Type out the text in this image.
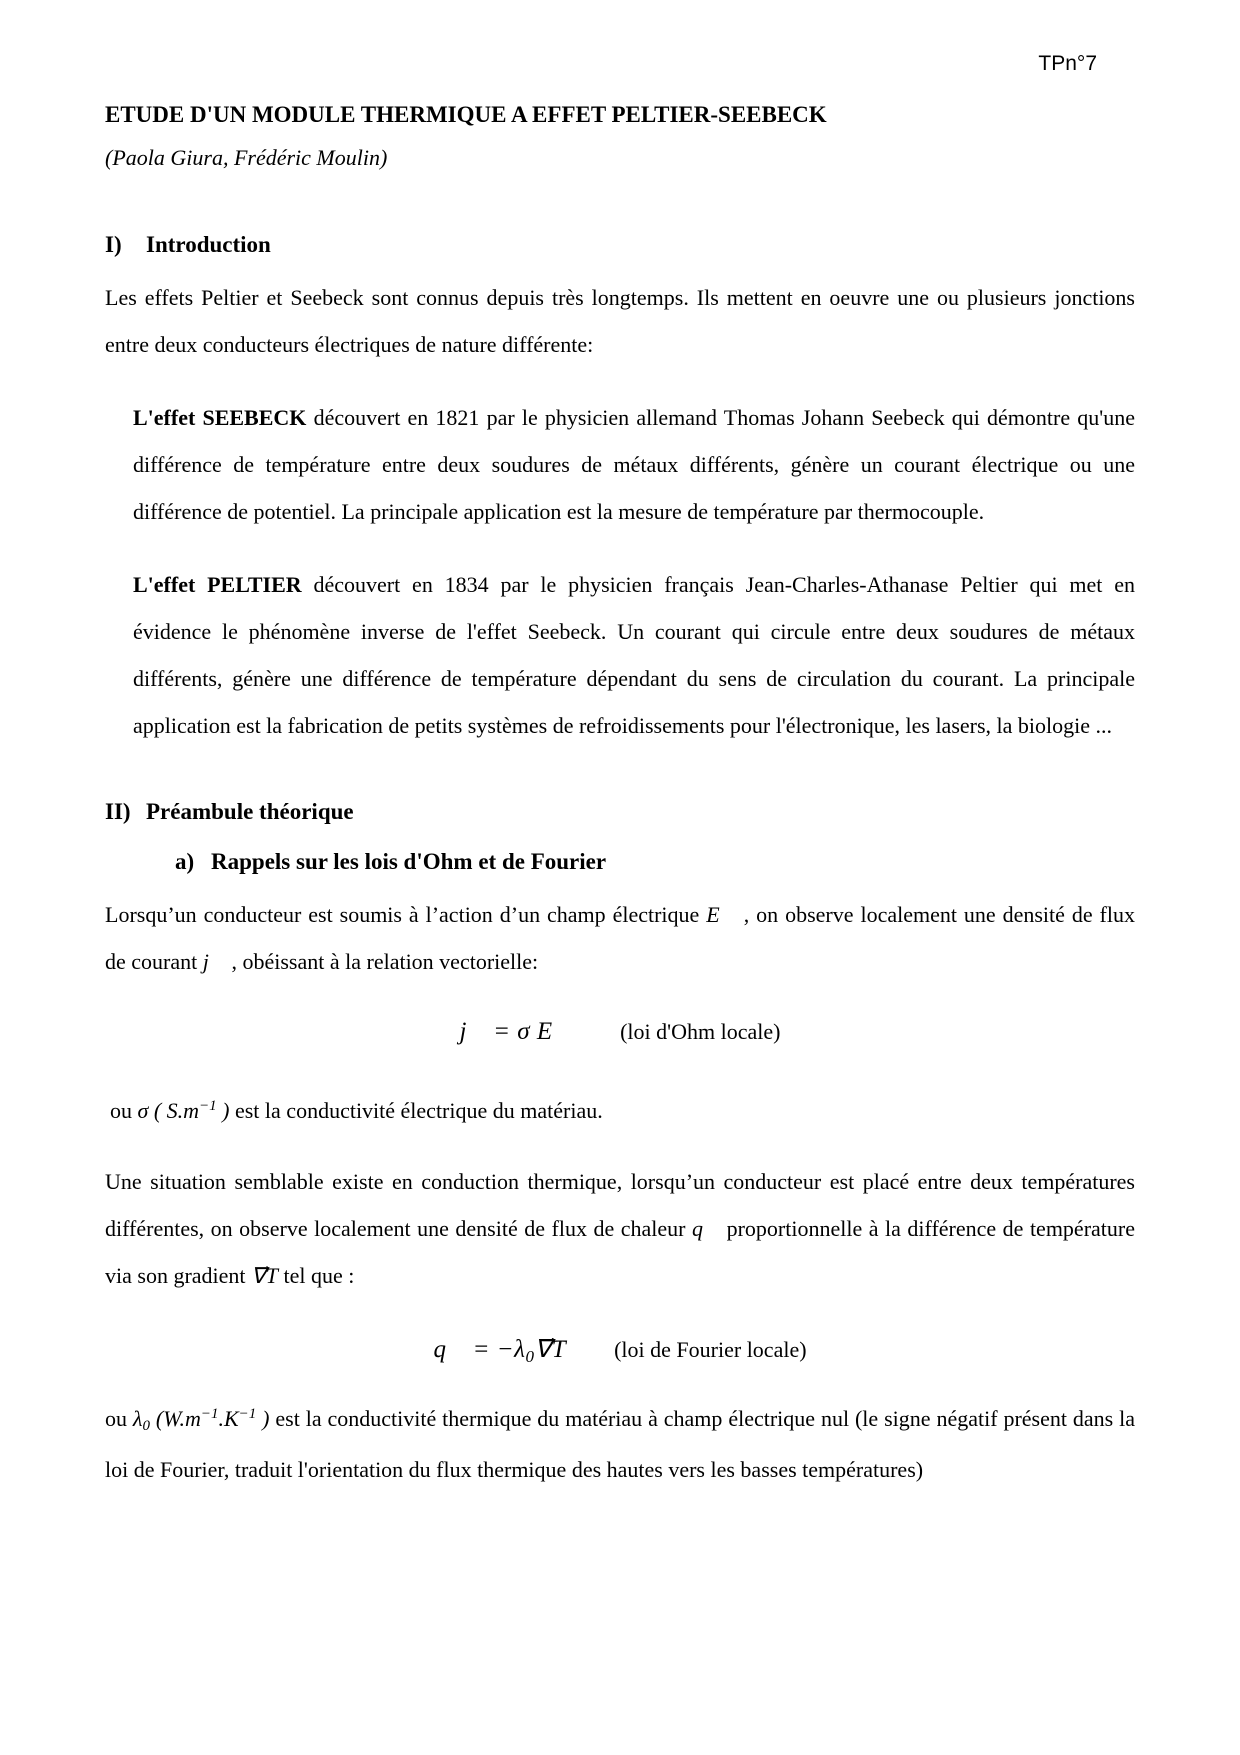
TPn°7
ETUDE D'UN MODULE THERMIQUE A EFFET PELTIER-SEEBECK
(Paola Giura, Frédéric Moulin)
I) Introduction

Les effets Peltier et Seebeck sont connus depuis très longtemps. Ils mettent en oeuvre une ou plusieurs jonctions entre deux conducteurs électriques de nature différente:

L'effet SEEBECK découvert en 1821 par le physicien allemand Thomas Johann Seebeck qui démontre qu'une différence de température entre deux soudures de métaux différents, génère un courant électrique ou une différence de potentiel. La principale application est la mesure de température par thermocouple.

L'effet PELTIER découvert en 1834 par le physicien français Jean-Charles-Athanase Peltier qui met en évidence le phénomène inverse de l'effet Seebeck. Un courant qui circule entre deux soudures de métaux différents, génère une différence de température dépendant du sens de circulation du courant. La principale application est la fabrication de petits systèmes de refroidissements pour l'électronique, les lasers, la biologie ...

II) Préambule théorique
a) Rappels sur les lois d'Ohm et de Fourier

Lorsqu’un conducteur est soumis à l’action d’un champ électrique E⃗ , on observe localement une densité de flux de courant j⃗ , obéissant à la relation vectorielle:

j⃗ = σ E⃗ (loi d'Ohm locale)

ou σ ( $S.m^{-1}$ ) est la conductivité électrique du matériau.

Une situation semblable existe en conduction thermique, lorsqu’un conducteur est placé entre deux températures différentes, on observe localement une densité de flux de chaleur q⃗ proportionnelle à la différence de température via son gradient ∇⃗T tel que :

q⃗ = $-\lambda_0\nabla⃗T$ (loi de Fourier locale)

ou $\lambda_0$ ($W.m^{-1}.K^{-1}$ ) est la conductivité thermique du matériau à champ électrique nul (le signe négatif présent dans la loi de Fourier, traduit l'orientation du flux thermique des hautes vers les basses températures)
